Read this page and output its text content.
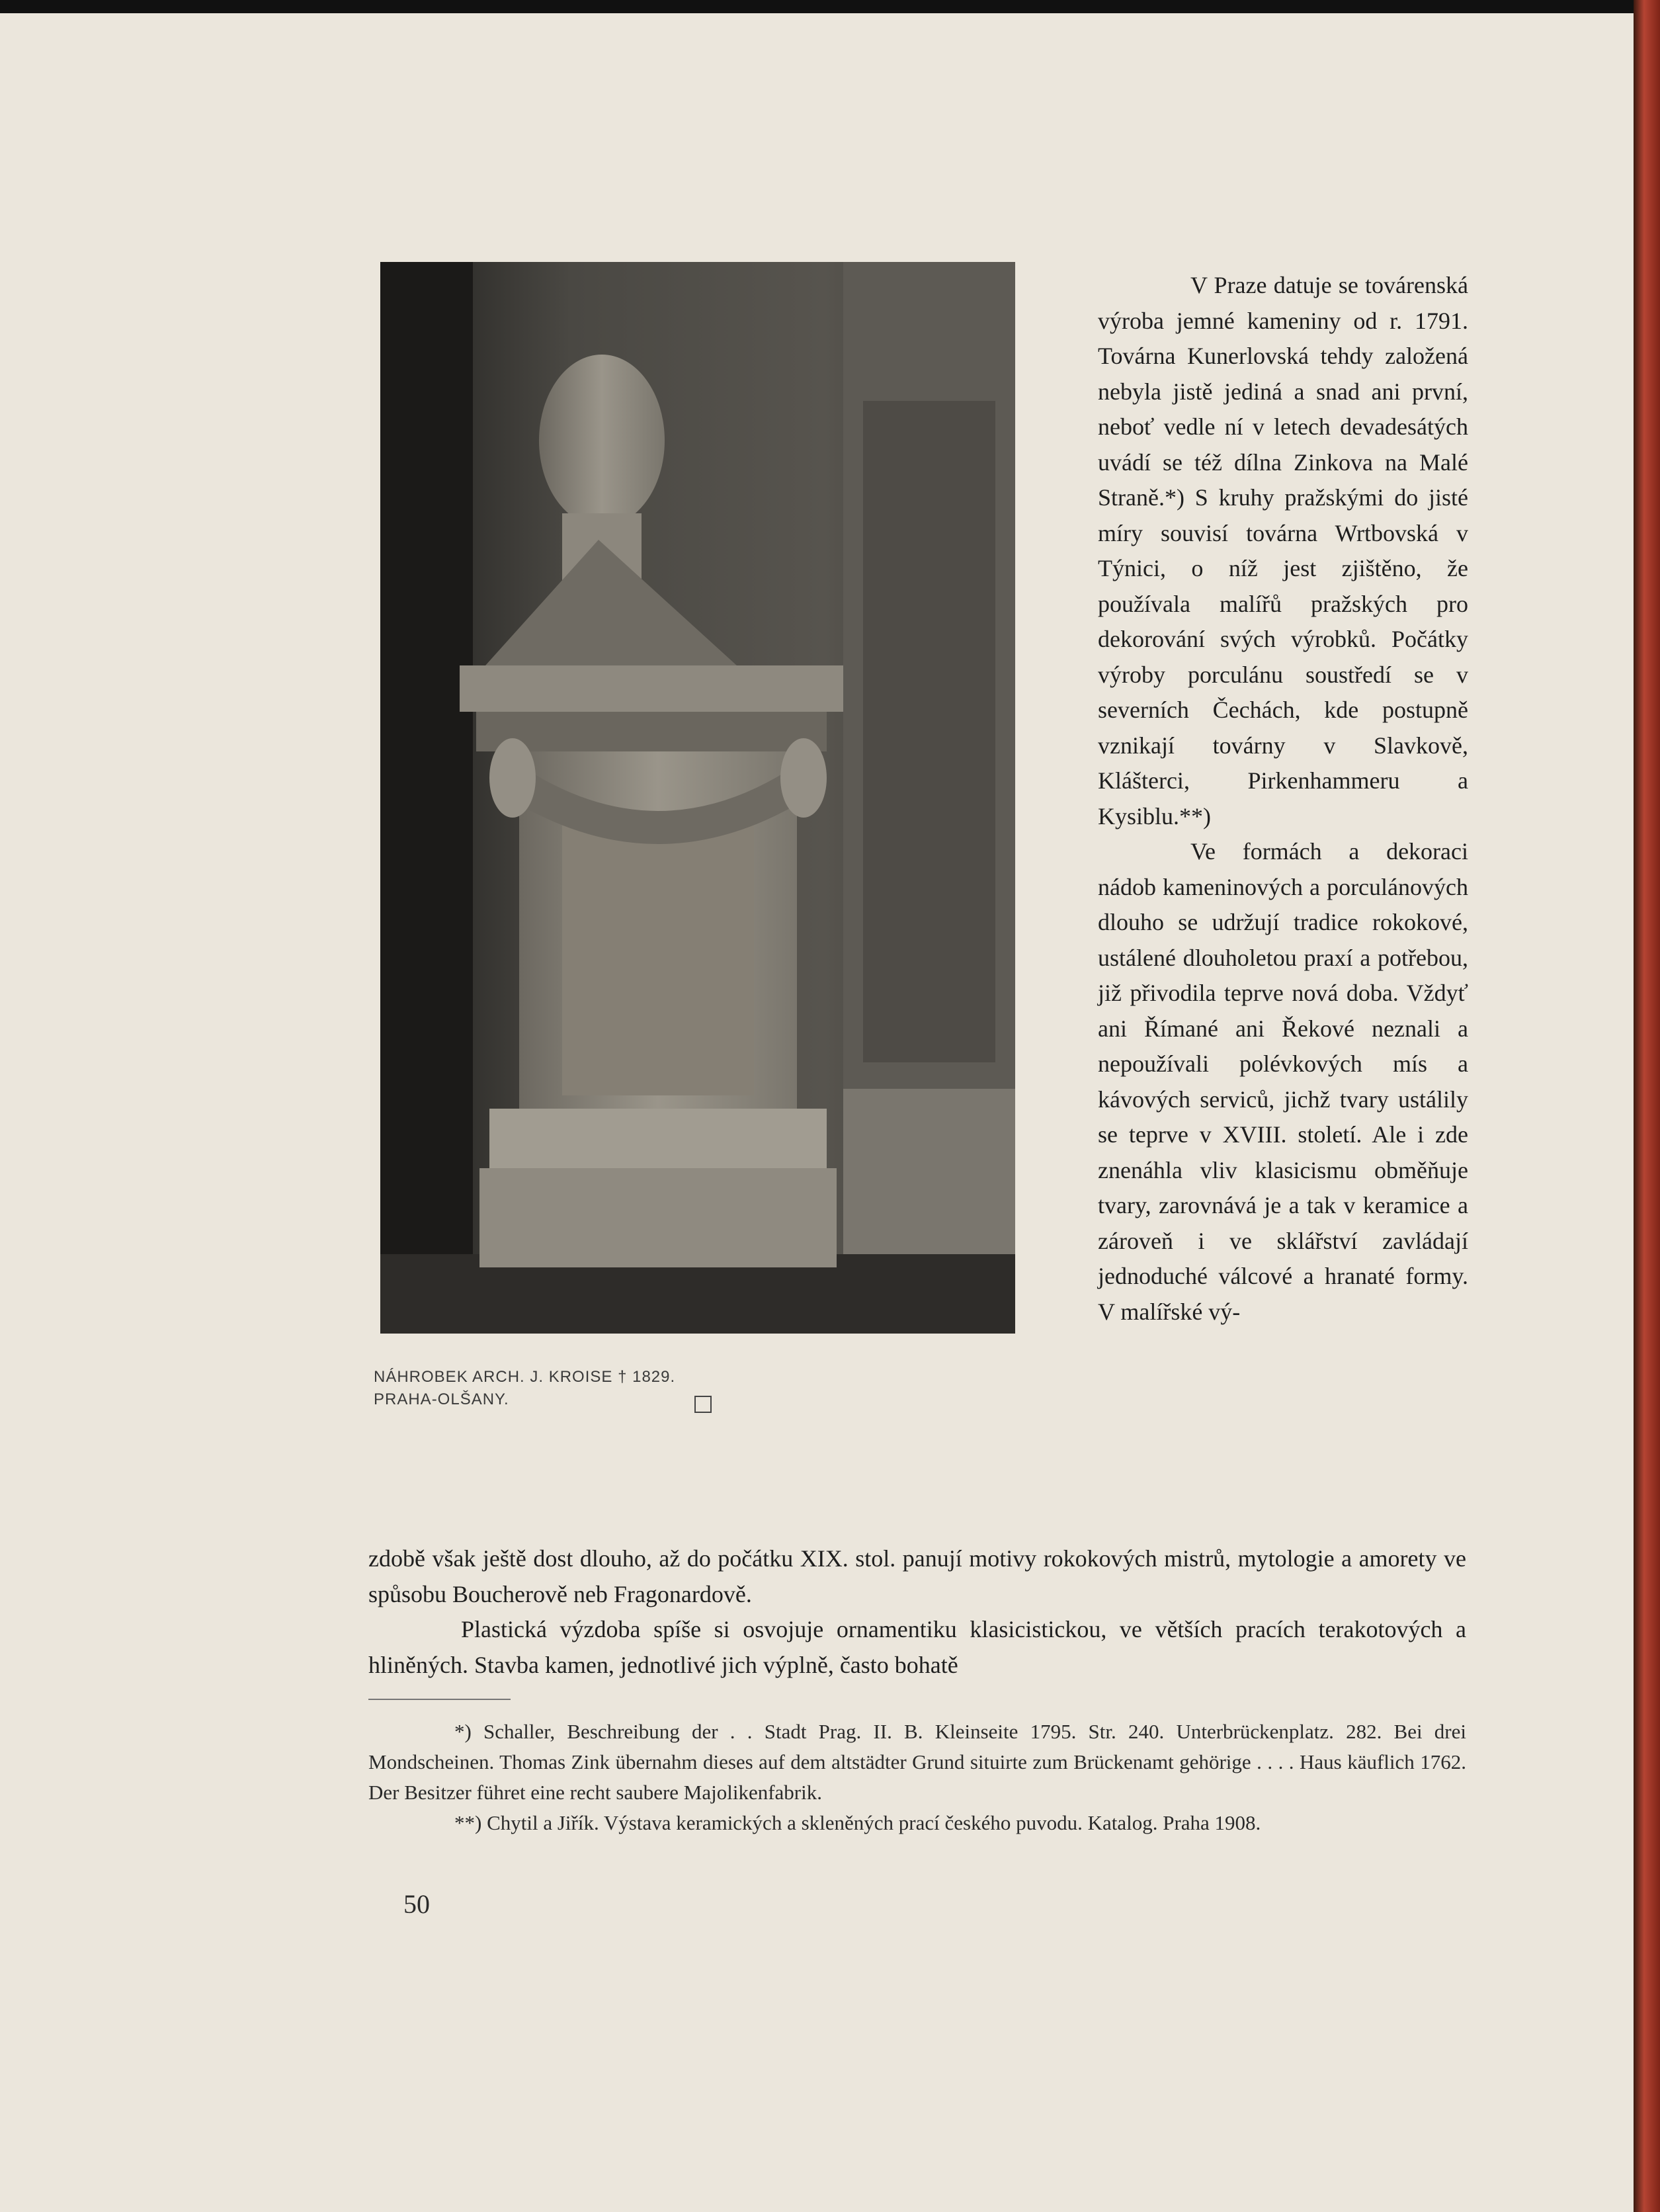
NÁHROBEK ARCH. J. KROISE † 1829.
PRAHA-OLŠANY.

V Praze datuje se továrenská výroba jemné kameniny od r. 1791. Továrna Kunerlovská tehdy založená nebyla jistě jediná a snad ani první, neboť vedle ní v letech devadesátých uvádí se též dílna Zinkova na Malé Straně.*) S kruhy pražskými do jisté míry souvisí továrna Wrtbovská v Týnici, o níž jest zjištěno, že používala malířů pražských pro dekorování svých výrobků. Počátky výroby porculánu soustředí se v severních Čechách, kde postupně vznikají továrny v Slavkově, Klášterci, Pirkenhammeru a Kysiblu.**)

Ve formách a dekoraci nádob kameninových a porculánových dlouho se udržují tradice rokokové, ustálené dlouholetou praxí a potřebou, již přivodila teprve nová doba. Vždyť ani Římané ani Řekové neznali a nepoužívali polévkových mís a kávových serviců, jichž tvary ustálily se teprve v XVIII. století. Ale i zde znenáhla vliv klasicismu obměňuje tvary, zarovnává je a tak v keramice a zároveň i ve sklářství zavládají jednoduché válcové a hranaté formy. V malířské vý-

zdobě však ještě dost dlouho, až do počátku XIX. stol. panují motivy rokokových mistrů, mytologie a amorety ve spůsobu Boucherově neb Fragonardově.

Plastická výzdoba spíše si osvojuje ornamentiku klasicistickou, ve větších pracích terakotových a hliněných. Stavba kamen, jednotlivé jich výplně, často bohatě

*) Schaller, Beschreibung der . . Stadt Prag. II. B. Kleinseite 1795. Str. 240. Unterbrückenplatz. 282. Bei drei Mondscheinen. Thomas Zink übernahm dieses auf dem altstädter Grund situirte zum Brückenamt gehörige . . . . Haus käuflich 1762. Der Besitzer führet eine recht saubere Majolikenfabrik.

**) Chytil a Jiřík. Výstava keramických a skleněných prací českého puvodu. Katalog. Praha 1908.

50
